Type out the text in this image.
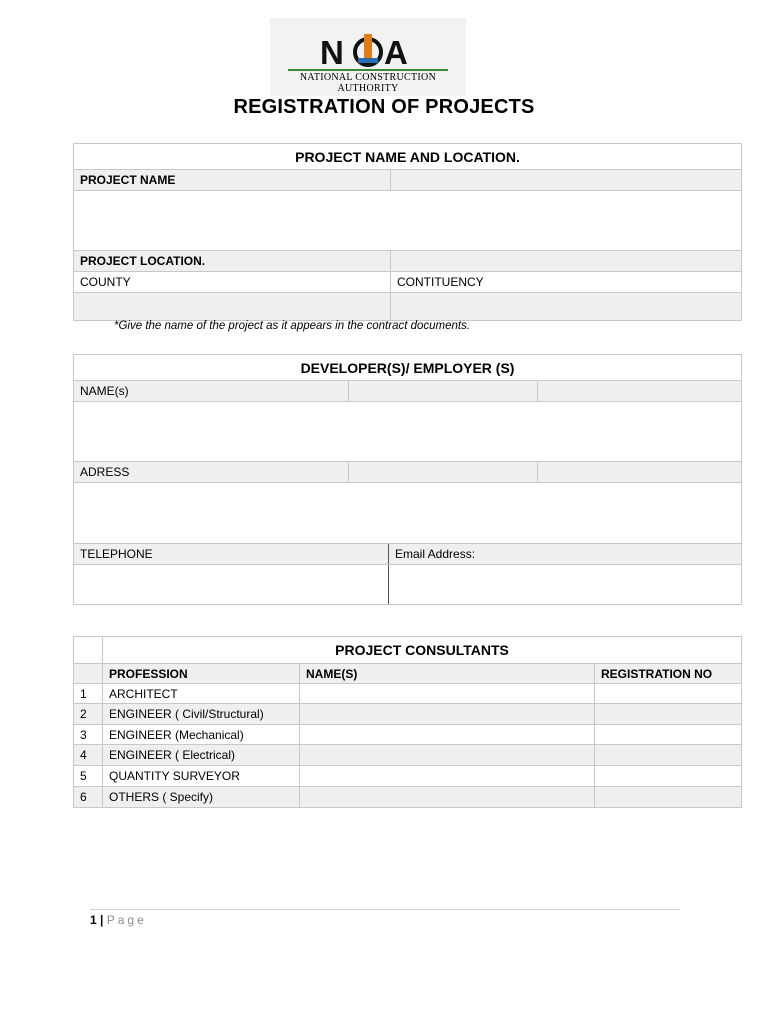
N A
NATIONAL CONSTRUCTION
AUTHORITY
REGISTRATION OF PROJECTS
PROJECT NAME AND LOCATION.	
PROJECT NAME	

PROJECT LOCATION.	
COUNTY	CONTITUENCY

*Give the name of the project as it appears in the contract documents.
DEVELOPER(S)/ EMPLOYER (S)			
NAME(s)			

ADRESS			

TELEPHONE		Email Address:	

	PROJECT CONSULTANTS		
	PROFESSION	NAME(S)	REGISTRATION NO
1	ARCHITECT		
2	ENGINEER ( Civil/Structural)		
3	ENGINEER (Mechanical)		
4	ENGINEER ( Electrical)		
5	QUANTITY SURVEYOR		
6	OTHERS ( Specify)		
1 | Page
